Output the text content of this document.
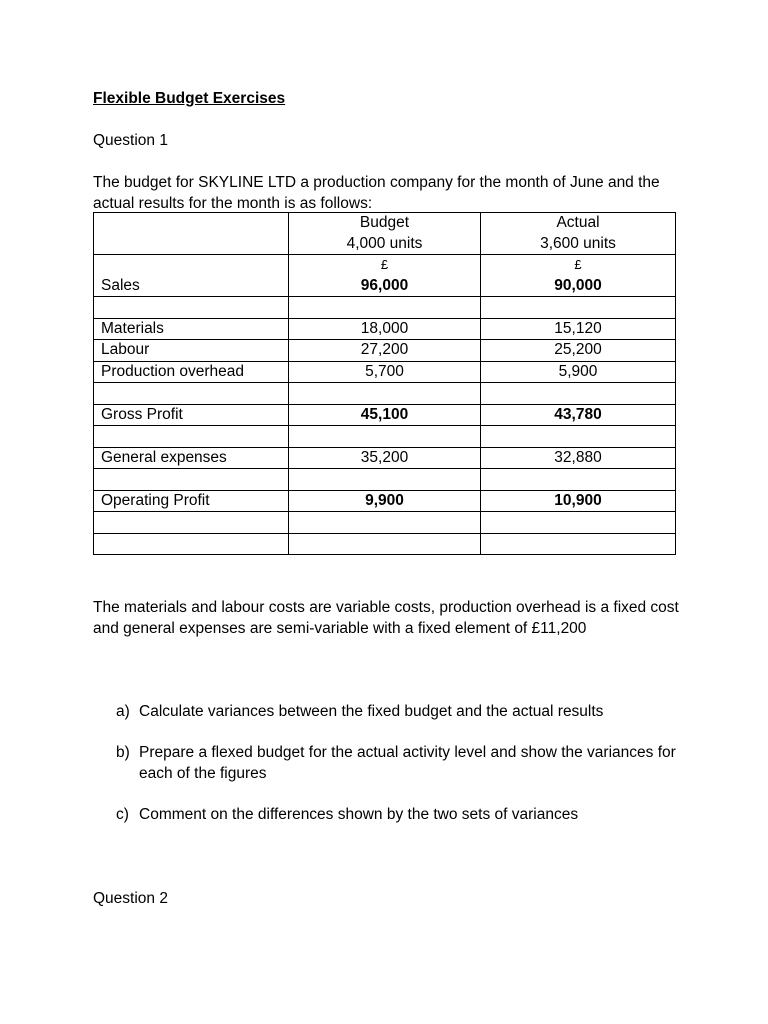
Flexible Budget Exercises
Question 1
The budget for SKYLINE LTD a production company for the month of June and the actual results for the month is as follows:
	Budget	Actual
	4,000 units	3,600 units
	£	£
Sales	96,000	90,000

Materials	18,000	15,120
Labour	27,200	25,200
Production overhead	5,700	5,900

Gross Profit	45,100	43,780

General expenses	35,200	32,880

Operating Profit	9,900	10,900

The materials and labour costs are variable costs, production overhead is a fixed cost and general expenses are semi-variable with a fixed element of £11,200
a) Calculate variances between the fixed budget and the actual results
b) Prepare a flexed budget for the actual activity level and show the variances for each of the figures
c) Comment on the differences shown by the two sets of variances
Question 2
